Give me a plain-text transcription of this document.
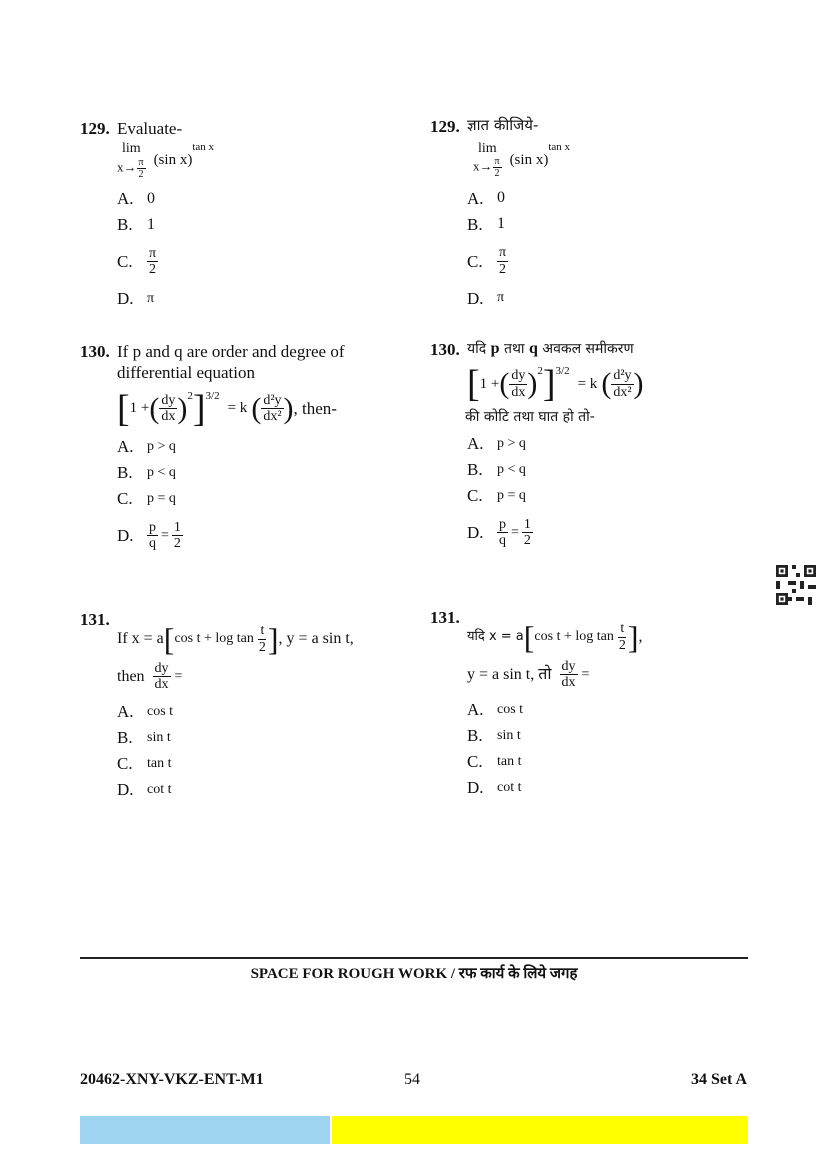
129. Evaluate-
lim
$x\to \frac{\pi}{2} (\sin$ x)
$^{tan x}$
A. 0
B. 1
C.	$\frac{\pi}{2}$
D. π
130. If p and q are order and degree of differential equation
[ 1 + ( $\frac{dy}{dx} )^2$ ]$^{3/2}$
= k ( $\frac{\text{d²y}}{\text{dx²}}$ ) , then-
A. p > q
B.	p < q
C.	p = q
D. $\frac{p}{q} = \frac{1}{2}$
131.
If x = a [ $\cos t + \log \tan \frac{t}{2}$ ] , y = a sin t,
then $\frac{dy}{dx}$ =
A. cos t
B.	sin t
C.	tan t
D. cot t
129. ज्ञात कीजिये-
lim
$x\to \frac{\pi}{2} (\sin$ x)
$^{tan x}$
A. 0
B. 1
C.	$\frac{\pi}{2}$
D. π
130. यदि p तथा q अवकल समीकरण
[ 1 + ( $\frac{dy}{dx} )^2$ ]$^{3/2}$
= k ( $\frac{\text{d²y}}{\text{dx²}}$ )
की कोटि तथा घात हो तो-
A. p > q
B.	p < q
C.	p = q
D. $\frac{p}{q} = \frac{1}{2}$
131.
यदि x = a [ $\cos t + \log \tan \frac{t}{2}$ ] ,
y = a sin t, तो $\frac{dy}{dx}$ =
A. cos t
B.	sin t
C.	tan t
D. cot t
SPACE FOR ROUGH WORK / रफ कार्य के लिये जगह
20462-XNY-VKZ-ENT-M1	54	34 Set A
